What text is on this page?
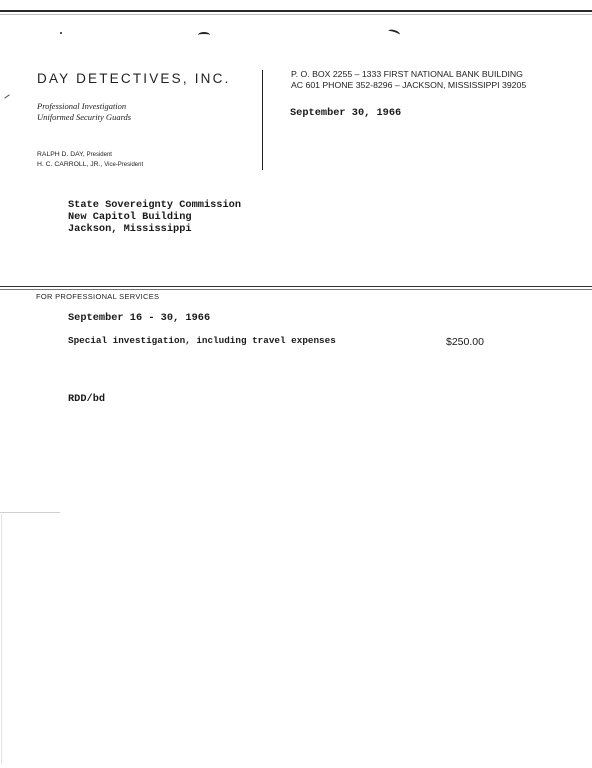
DAY DETECTIVES, INC.
Professional Investigation
Uniformed Security Guards
RALPH D. DAY, President
H. C. CARROLL, JR., Vice-President
P. O. BOX 2255 – 1333 FIRST NATIONAL BANK BUILDING
AC 601 PHONE 352-8296 – JACKSON, MISSISSIPPI 39205
September 30, 1966
State Sovereignty Commission
New Capitol Building
Jackson, Mississippi
FOR PROFESSIONAL SERVICES
September 16 - 30, 1966
Special investigation, including travel expenses	$250.00
RDD/bd
